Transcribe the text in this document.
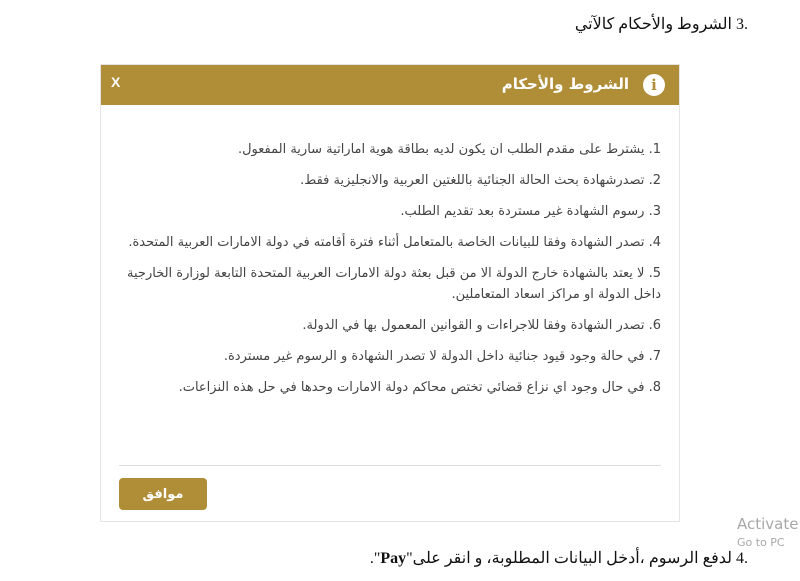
.3 الشروط والأحكام كالآتي
i
الشروط والأحكام
X
1. يشترط على مقدم الطلب ان يكون لديه بطاقة هوية اماراتية سارية المفعول.
2. تصدرشهادة بحث الحالة الجنائية باللغتين العربية والانجليزية فقط.
3. رسوم الشهادة غير مستردة بعد تقديم الطلب.
4. تصدر الشهادة وفقا للبيانات الخاصة بالمتعامل أثناء فترة أقامته في دولة الامارات العربية المتحدة.
5. لا يعتد بالشهادة خارج الدولة الا من قبل بعثة دولة الامارات العربية المتحدة التابعة لوزارة الخارجية داخل الدولة او مراكز اسعاد المتعاملين.
6. تصدر الشهادة وفقا للاجراءات و القوانين المعمول بها في الدولة.
7. في حالة وجود قيود جنائية داخل الدولة لا تصدر الشهادة و الرسوم غير مستردة.
8. في حال وجود اي نزاع قضائي تختص محاكم دولة الامارات وحدها في حل هذه النزاعات.
موافق
Activate
Go to PC
.4 لدفع الرسوم ،أدخل البيانات المطلوبة، و انقر على"Pay".
